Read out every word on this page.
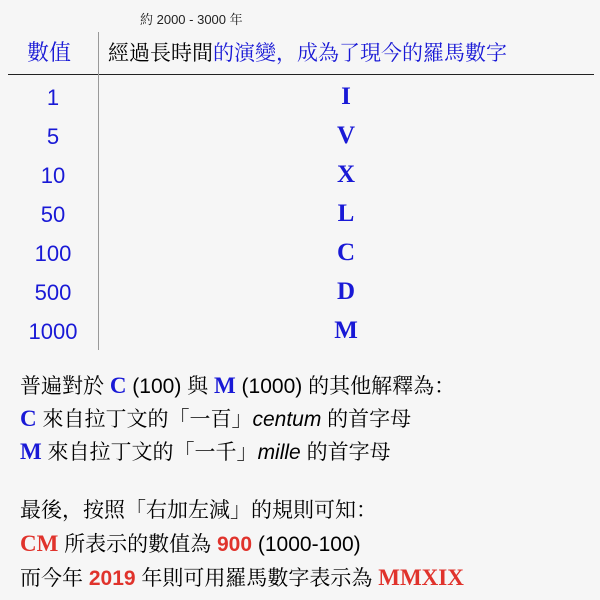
約 2000 - 3000 年
數值	經過長時間的演變，成為了現今的羅馬數字
1	I
5	V
10	X
50	L
100	C
500	D
1000	M
普遍對於 C (100) 與 M (1000) 的其他解釋為：
C 來自拉丁文的「一百」centum 的首字母
M 來自拉丁文的「一千」mille 的首字母
最後，按照「右加左減」的規則可知：
CM 所表示的數值為 900 (1000-100)
而今年 2019 年則可用羅馬數字表示為 MMXIX
